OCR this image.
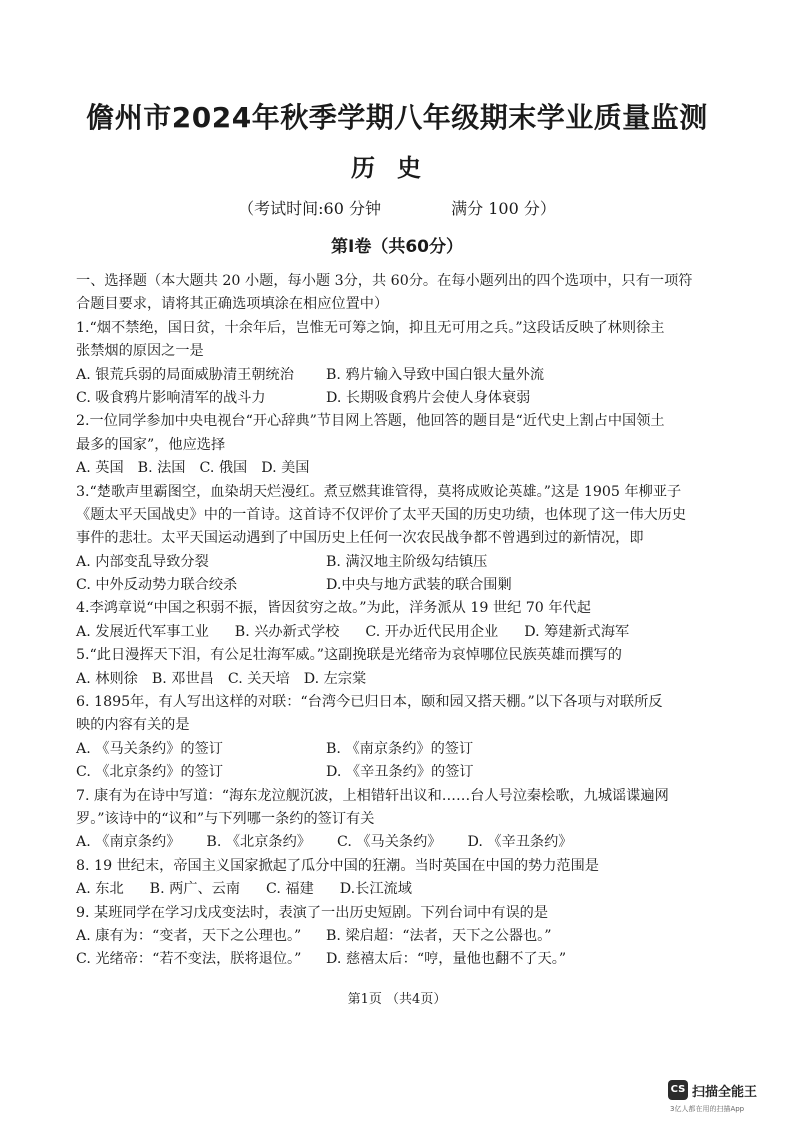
儋州市2024年秋季学期八年级期末学业质量监测
历史
（考试时间:60 分钟	满分 100 分）
第Ⅰ卷（共60分）
一、选择题（本大题共 20 小题，每小题 3分，共 60分。在每小题列出的四个选项中，只有一项符
合题目要求，请将其正确选项填涂在相应位置中）
1.“烟不禁绝，国日贫，十余年后，岂惟无可筹之饷，抑且无可用之兵。”这段话反映了林则徐主
张禁烟的原因之一是
A. 银荒兵弱的局面威胁清王朝统治	B. 鸦片输入导致中国白银大量外流
C. 吸食鸦片影响清军的战斗力	D. 长期吸食鸦片会使人身体衰弱
2.一位同学参加中央电视台“开心辞典”节目网上答题，他回答的题目是“近代史上割占中国领土
最多的国家”，他应选择
A. 英国 B. 法国 C. 俄国 D. 美国
3.“楚歌声里霸图空，血染胡天烂漫红。煮豆燃萁谁管得，莫将成败论英雄。”这是 1905 年柳亚子
《题太平天国战史》中的一首诗。这首诗不仅评价了太平天国的历史功绩，也体现了这一伟大历史
事件的悲壮。太平天国运动遇到了中国历史上任何一次农民战争都不曾遇到过的新情况，即
A. 内部变乱导致分裂	B. 满汉地主阶级勾结镇压
C. 中外反动势力联合绞杀	D.中央与地方武装的联合围剿
4.李鸿章说“中国之积弱不振，皆因贫穷之故。”为此，洋务派从 19 世纪 70 年代起
A. 发展近代军事工业 B. 兴办新式学校 C. 开办近代民用企业 D. 筹建新式海军
5.“此日漫挥天下泪，有公足壮海军威。”这副挽联是光绪帝为哀悼哪位民族英雄而撰写的
A. 林则徐 B. 邓世昌 C. 关天培 D. 左宗棠
6. 1895年，有人写出这样的对联：“台湾今已归日本，颐和园又搭天棚。”以下各项与对联所反
映的内容有关的是
A. 《马关条约》的签订	B. 《南京条约》的签订
C. 《北京条约》的签订	D. 《辛丑条约》的签订
7. 康有为在诗中写道：“海东龙泣舰沉波，上相错轩出议和……台人号泣秦桧歌，九城谣谍遍网
罗。”该诗中的“议和”与下列哪一条约的签订有关
A. 《南京条约》 B. 《北京条约》 C. 《马关条约》 D. 《辛丑条约》
8. 19 世纪末，帝国主义国家掀起了瓜分中国的狂潮。当时英国在中国的势力范围是
A. 东北 B. 两广、云南 C. 福建 D.长江流域
9. 某班同学在学习戊戌变法时，表演了一出历史短剧。下列台词中有误的是
A. 康有为：“变者，天下之公理也。”	B. 梁启超：“法者，天下之公器也。”
C. 光绪帝：“若不变法，朕将退位。”	D. 慈禧太后：“哼，量他也翻不了天。”
第1页 （共4页）
CS 扫描全能王
3亿人都在用的扫描App
